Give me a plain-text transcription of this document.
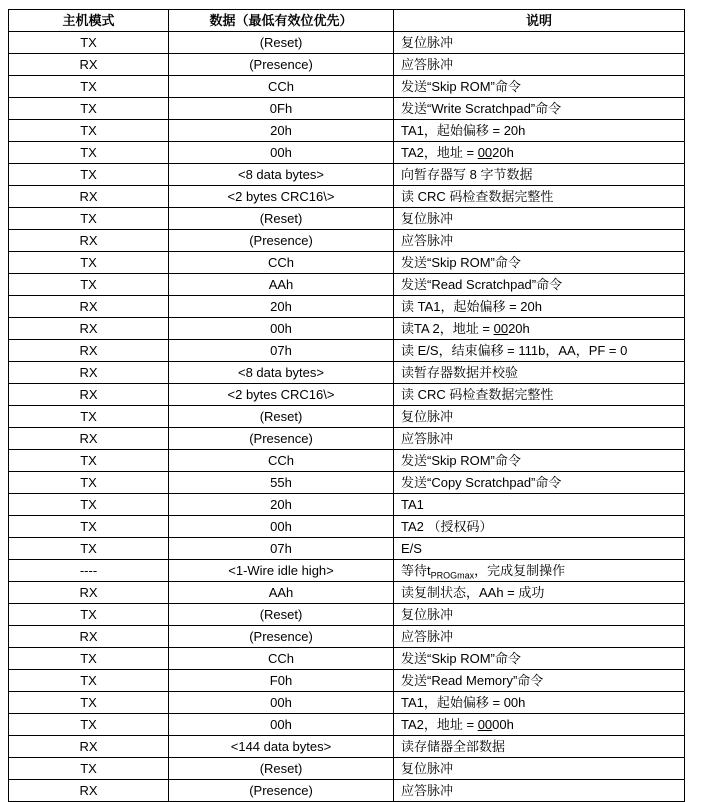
主机模式	数据（最低有效位优先）	说明
TX	(Reset)	复位脉冲
RX	(Presence)	应答脉冲
TX	CCh	发送“Skip ROM”命令
TX	0Fh	发送“Write Scratchpad”命令
TX	20h	TA1，起始偏移 = 20h
TX	00h	TA2，地址 = 0020h
TX	<8 data bytes>	向暂存器写 8 字节数据
RX	<2 bytes CRC16\>	读 CRC 码检查数据完整性
TX	(Reset)	复位脉冲
RX	(Presence)	应答脉冲
TX	CCh	发送“Skip ROM”命令
TX	AAh	发送“Read Scratchpad”命令
RX	20h	读 TA1，起始偏移 = 20h
RX	00h	读TA 2，地址 = 0020h
RX	07h	读 E/S，结束偏移 = 111b，AA，PF = 0
RX	<8 data bytes>	读暂存器数据并校验
RX	<2 bytes CRC16\>	读 CRC 码检查数据完整性
TX	(Reset)	复位脉冲
RX	(Presence)	应答脉冲
TX	CCh	发送“Skip ROM”命令
TX	55h	发送“Copy Scratchpad”命令
TX	20h	TA1
TX	00h	TA2 （授权码）
TX	07h	E/S
----	<1-Wire idle high>	等待$t_{PROGmax}$，完成复制操作
RX	AAh	读复制状态，AAh = 成功
TX	(Reset)	复位脉冲
RX	(Presence)	应答脉冲
TX	CCh	发送“Skip ROM”命令
TX	F0h	发送“Read Memory”命令
TX	00h	TA1，起始偏移 = 00h
TX	00h	TA2，地址 = 0000h
RX	<144 data bytes>	读存储器全部数据
TX	(Reset)	复位脉冲
RX	(Presence)	应答脉冲
